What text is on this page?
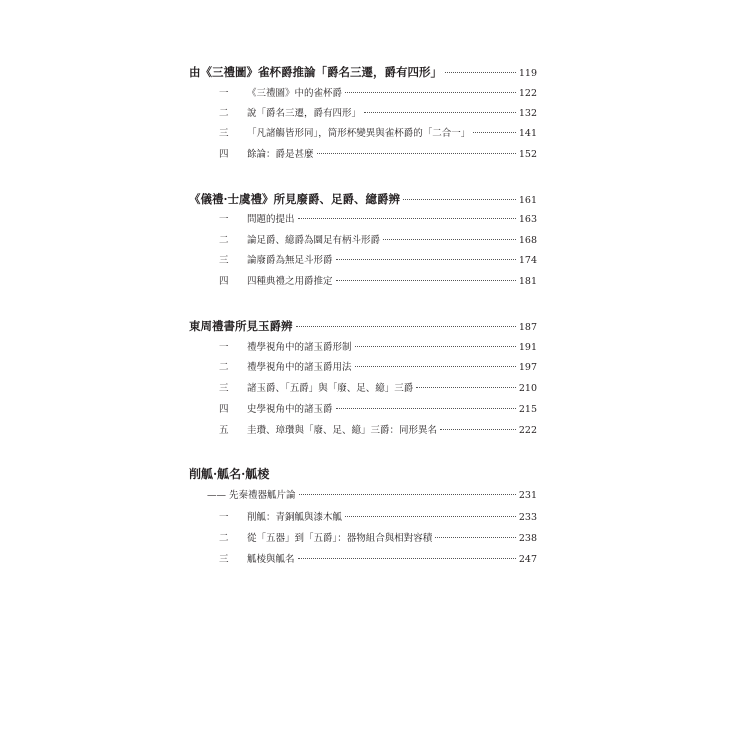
由《三禮圖》雀杯爵推論「爵名三遷，爵有四形」	119
一	《三禮圖》中的雀杯爵	122
二	說「爵名三遷，爵有四形」	132
三	「凡諸觴皆形同」，筒形杯變異與雀杯爵的「二合一」	141
四	餘論：爵是甚麼	152
《儀禮·士虞禮》所見廢爵、足爵、繶爵辨	161
一	問題的提出	163
二	論足爵、繶爵為圜足有柄斗形爵	168
三	論廢爵為無足斗形爵	174
四	四種典禮之用爵推定	181
東周禮書所見玉爵辨	187
一	禮學視角中的諸玉爵形制	191
二	禮學視角中的諸玉爵用法	197
三	諸玉爵、「五爵」與「廢、足、繶」三爵	210
四	史學視角中的諸玉爵	215
五	圭瓚、璋瓚與「廢、足、繶」三爵：同形異名	222
削觚·觚名·觚棱
—— 先秦禮器觚片論	231
一	削觚：青銅觚與漆木觚	233
二	從「五器」到「五爵」：器物組合與相對容積	238
三	觚棱與觚名	247
